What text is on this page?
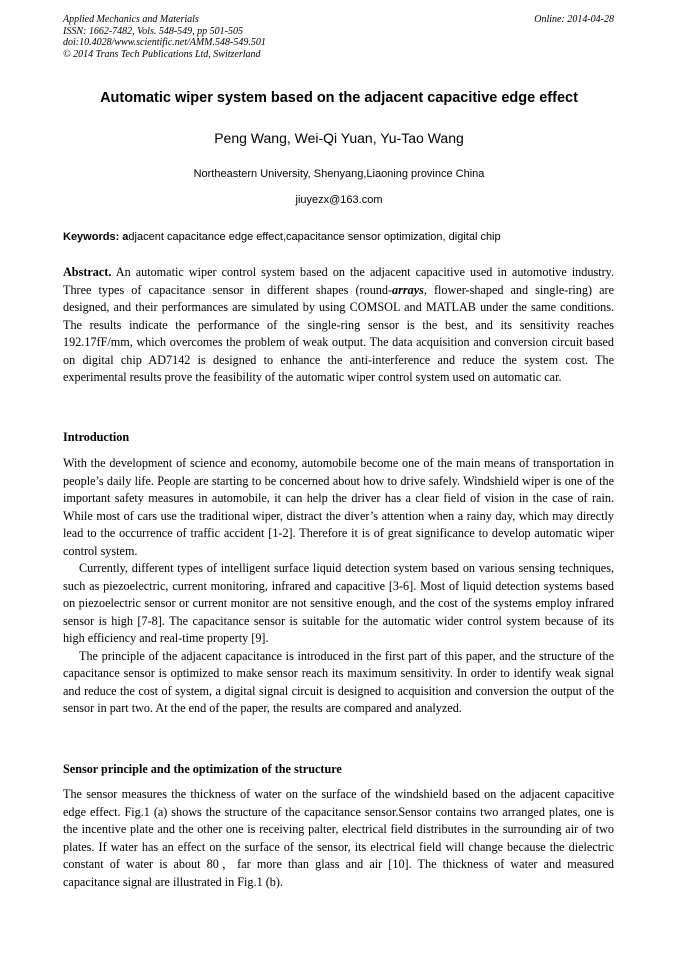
Applied Mechanics and Materials
ISSN: 1662-7482, Vols. 548-549, pp 501-505
doi:10.4028/www.scientific.net/AMM.548-549.501
© 2014 Trans Tech Publications Ltd, Switzerland
Online: 2014-04-28
Automatic wiper system based on the adjacent capacitive edge effect
Peng Wang, Wei-Qi Yuan, Yu-Tao Wang
Northeastern University, Shenyang,Liaoning province China
jiuyezx@163.com
Keywords: adjacent capacitance edge effect,capacitance sensor optimization, digital chip

Abstract. An automatic wiper control system based on the adjacent capacitive used in automotive industry. Three types of capacitance sensor in different shapes (round-arrays, flower-shaped and single-ring) are designed, and their performances are simulated by using COMSOL and MATLAB under the same conditions. The results indicate the performance of the single-ring sensor is the best, and its sensitivity reaches 192.17fF/mm, which overcomes the problem of weak output. The data acquisition and conversion circuit based on digital chip AD7142 is designed to enhance the anti-interference and reduce the system cost. The experimental results prove the feasibility of the automatic wiper control system used on automatic car.

Introduction

With the development of science and economy, automobile become one of the main means of transportation in people’s daily life. People are starting to be concerned about how to drive safely. Windshield wiper is one of the important safety measures in automobile, it can help the driver has a clear field of vision in the case of rain. While most of cars use the traditional wiper, distract the diver’s attention when a rainy day, which may directly lead to the occurrence of traffic accident [1-2]. Therefore it is of great significance to develop automatic wiper control system.

Currently, different types of intelligent surface liquid detection system based on various sensing techniques, such as piezoelectric, current monitoring, infrared and capacitive [3-6]. Most of liquid detection systems based on piezoelectric sensor or current monitor are not sensitive enough, and the cost of the systems employ infrared sensor is high [7-8]. The capacitance sensor is suitable for the automatic wider control system because of its high efficiency and real-time property [9].

The principle of the adjacent capacitance is introduced in the first part of this paper, and the structure of the capacitance sensor is optimized to make sensor reach its maximum sensitivity. In order to identify weak signal and reduce the cost of system, a digital signal circuit is designed to acquisition and conversion the output of the sensor in part two. At the end of the paper, the results are compared and analyzed.

Sensor principle and the optimization of the structure

The sensor measures the thickness of water on the surface of the windshield based on the adjacent capacitive edge effect. Fig.1 (a) shows the structure of the capacitance sensor.Sensor contains two arranged plates, one is the incentive plate and the other one is receiving palter, electrical field distributes in the surrounding air of two plates. If water has an effect on the surface of the sensor, its electrical field will change because the dielectric constant of water is about 80，far more than glass and air [10]. The thickness of water and measured capacitance signal are illustrated in Fig.1 (b).
